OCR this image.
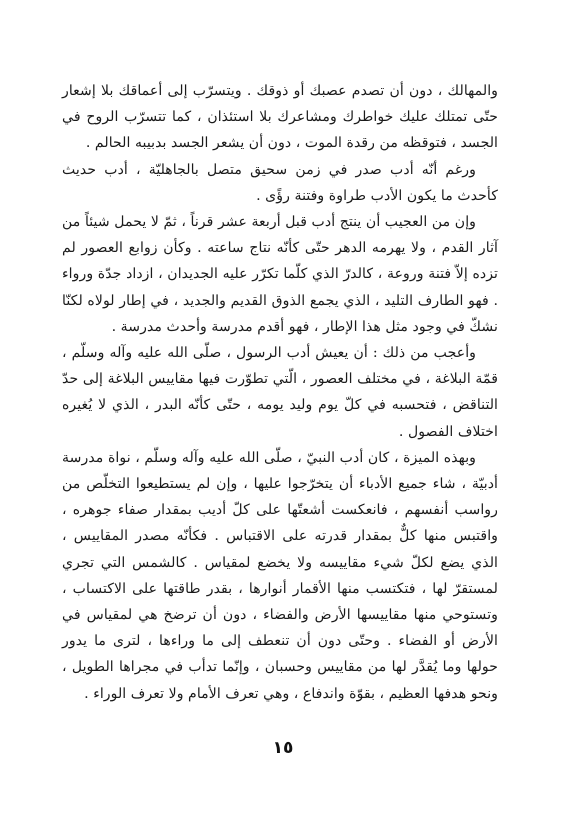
والمهالك ، دون أن تصدم عصبك أو ذوقك . ويتسرّب إلى أعماقك بلا إشعار حتّى تمتلك عليك خواطرك ومشاعرك بلا استئذان ، كما تتسرّب الروح في الجسد ، فتوقظه من رقدة الموت ، دون أن يشعر الجسد بدبيبه الحالم .

ورغم أنّه أدب صدر في زمن سحيق متصل بالجاهليّة ، أدب حديث كأحدث ما يكون الأدب طراوة وفتنة رؤًى .

وإن من العجيب أن ينتج أدب قبل أربعة عشر قرناً ، ثمّ لا يحمل شيئاً من آثار القدم ، ولا يهرمه الدهر حتّى كأنّه نتاج ساعته . وكأن زوابع العصور لم تزده إلاّ فتنة وروعة ، كالدرّ الذي كلّما تكرّر عليه الجديدان ، ازداد جدّة ورواء . فهو الطارف التليد ، الذي يجمع الذوق القديم والجديد ، في إطار لولاه لكنّا نشكّ في وجود مثل هذا الإطار ، فهو أقدم مدرسة وأحدث مدرسة .

وأعجب من ذلك : أن يعيش أدب الرسول ، صلّى الله عليه وآله وسلّم ، قمّة البلاغة ، في مختلف العصور ، الّتي تطوّرت فيها مقاييس البلاغة إلى حدّ التناقض ، فتحسبه في كلّ يوم وليد يومه ، حتّى كأنّه البدر ، الذي لا يُغيره اختلاف الفصول .

وبهذه الميزة ، كان أدب النبيّ ، صلّى الله عليه وآله وسلّم ، نواة مدرسة أدبيّة ، شاء جميع الأدباء أن يتخرّجوا عليها ، وإن لم يستطيعوا التخلّص من رواسب أنفسهم ، فانعكست أشعتّها على كلّ أديب بمقدار صفاء جوهره ، واقتبس منها كلٌّ بمقدار قدرته على الاقتباس . فكأنّه مصدر المقاييس ، الذي يضع لكلّ شيء مقاييسه ولا يخضع لمقياس . كالشمس التي تجري لمستقرّ لها ، فتكتسب منها الأقمار أنوارها ، بقدر طاقتها على الاكتساب ، وتستوحي منها مقاييسها الأرض والفضاء ، دون أن ترضخ هي لمقياس في الأرض أو الفضاء . وحتّى دون أن تنعطف إلى ما وراءها ، لترى ما يدور حولها وما يُقدَّر لها من مقاييس وحسبان ، وإنّما تدأب في مجراها الطويل ، ونحو هدفها العظيم ، بقوّة واندفاع ، وهي تعرف الأمام ولا تعرف الوراء .

١٥
